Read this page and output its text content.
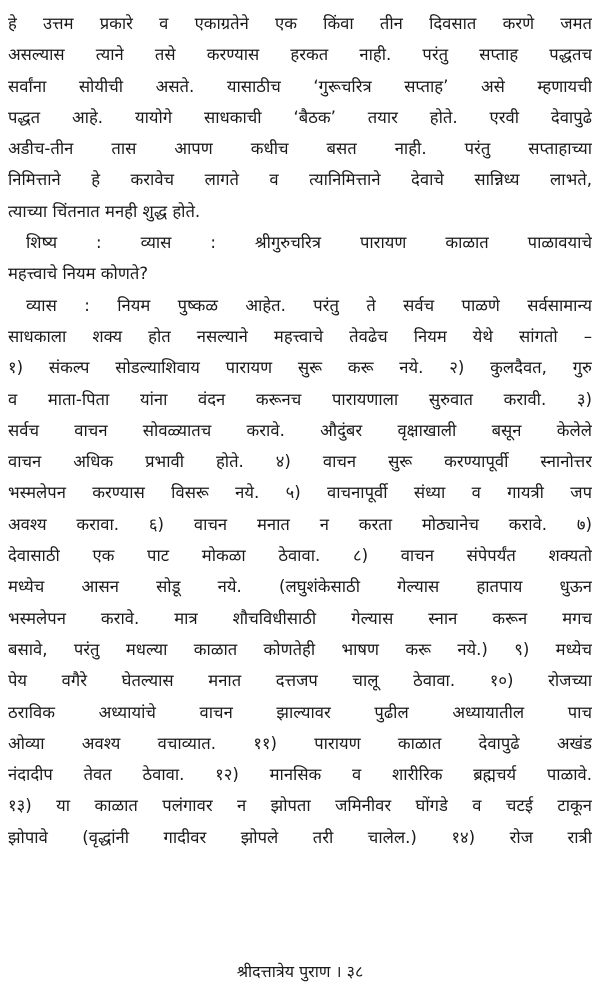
हे उत्तम प्रकारे व एकाग्रतेने एक किंवा तीन दिवसात करणे जमत
असल्यास त्याने तसे करण्यास हरकत नाही. परंतु सप्ताह पद्धतच
सर्वांना सोयीची असते. यासाठीच ‘गुरूचरित्र सप्ताह’ असे म्हणायची
पद्धत आहे. यायोगे साधकाची ‘बैठक’ तयार होते. एरवी देवापुढे
अडीच-तीन तास आपण कधीच बसत नाही. परंतु सप्ताहाच्या
निमित्ताने हे करावेच लागते व त्यानिमित्ताने देवाचे सान्निध्य लाभते,
त्याच्या चिंतनात मनही शुद्ध होते.
शिष्य : व्यास : श्रीगुरुचरित्र पारायण काळात पाळावयाचे
महत्त्वाचे नियम कोणते?
व्यास : नियम पुष्कळ आहेत. परंतु ते सर्वच पाळणे सर्वसामान्य
साधकाला शक्य होत नसल्याने महत्त्वाचे तेवढेच नियम येथे सांगतो –
१) संकल्प सोडल्याशिवाय पारायण सुरू करू नये. २) कुलदैवत, गुरु
व माता-पिता यांना वंदन करूनच पारायणाला सुरुवात करावी. ३)
सर्वच वाचन सोवळ्यातच करावे. औदुंबर वृक्षाखाली बसून केलेले
वाचन अधिक प्रभावी होते. ४) वाचन सुरू करण्यापूर्वी स्नानोत्तर
भस्मलेपन करण्यास विसरू नये. ५) वाचनापूर्वी संध्या व गायत्री जप
अवश्य करावा. ६) वाचन मनात न करता मोठ्यानेच करावे. ७)
देवासाठी एक पाट मोकळा ठेवावा. ८) वाचन संपेपर्यंत शक्यतो
मध्येच आसन सोडू नये. (लघुशंकेसाठी गेल्यास हातपाय धुऊन
भस्मलेपन करावे. मात्र शौचविधीसाठी गेल्यास स्नान करून मगच
बसावे, परंतु मधल्या काळात कोणतेही भाषण करू नये.) ९) मध्येच
पेय वगैरे घेतल्यास मनात दत्तजप चालू ठेवावा. १०) रोजच्या
ठराविक अध्यायांचे वाचन झाल्यावर पुढील अध्यायातील पाच
ओव्या अवश्य वचाव्यात. ११) पारायण काळात देवापुढे अखंड
नंदादीप तेवत ठेवावा. १२) मानसिक व शारीरिक ब्रह्मचर्य पाळावे.
१३) या काळात पलंगावर न झोपता जमिनीवर घोंगडे व चटई टाकून
झोपावे (वृद्धांनी गादीवर झोपले तरी चालेल.) १४) रोज रात्री
श्रीदत्तात्रेय पुराण । ३८
